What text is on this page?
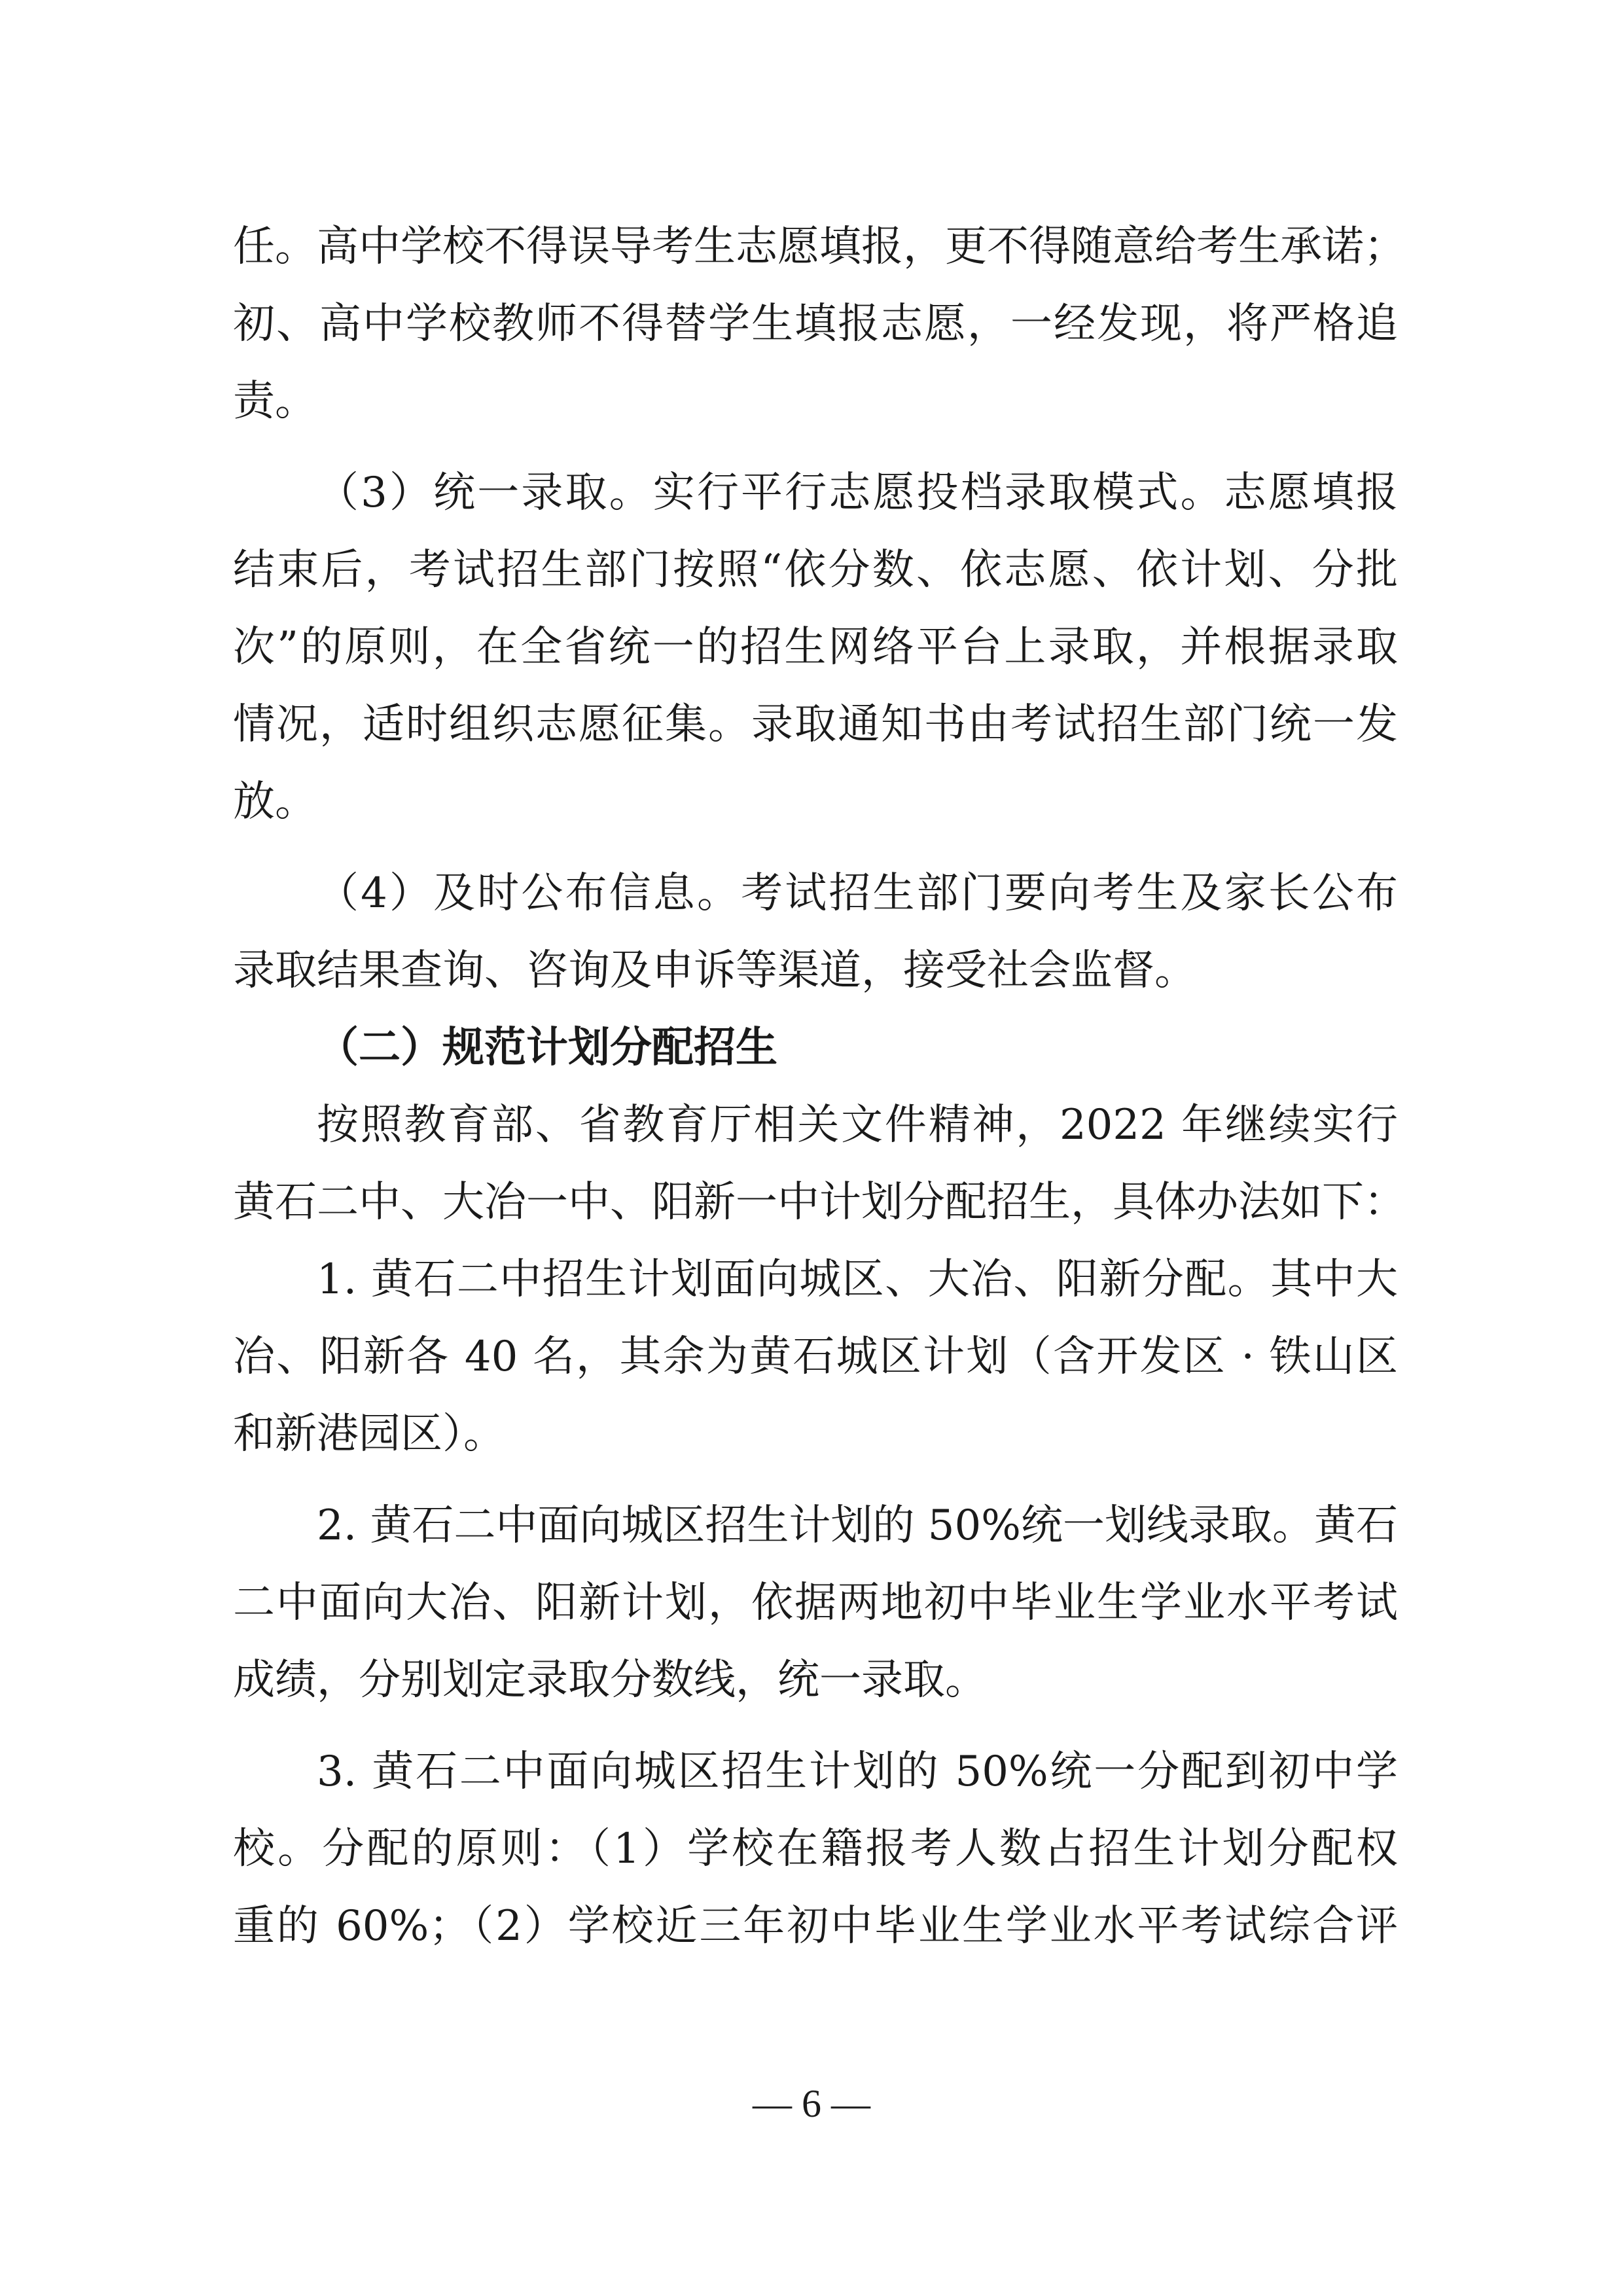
任。高中学校不得误导考生志愿填报，更不得随意给考生承诺；
初、高中学校教师不得替学生填报志愿，一经发现，将严格追
责。
（3）统一录取。实行平行志愿投档录取模式。志愿填报
结束后，考试招生部门按照“依分数、依志愿、依计划、分批
次”的原则，在全省统一的招生网络平台上录取，并根据录取
情况，适时组织志愿征集。录取通知书由考试招生部门统一发
放。
（4）及时公布信息。考试招生部门要向考生及家长公布
录取结果查询、咨询及申诉等渠道，接受社会监督。
（二）规范计划分配招生
按照教育部、省教育厅相关文件精神，2022 年继续实行
黄石二中、大冶一中、阳新一中计划分配招生，具体办法如下：
1. 黄石二中招生计划面向城区、大冶、阳新分配。其中大
冶、阳新各 40 名，其余为黄石城区计划（含开发区 · 铁山区
和新港园区）。
2. 黄石二中面向城区招生计划的 50%统一划线录取。黄石
二中面向大冶、阳新计划，依据两地初中毕业生学业水平考试
成绩，分别划定录取分数线，统一录取。
3. 黄石二中面向城区招生计划的 50%统一分配到初中学
校。分配的原则：（1）学校在籍报考人数占招生计划分配权
重的 60%；（2）学校近三年初中毕业生学业水平考试综合评
— 6 —
